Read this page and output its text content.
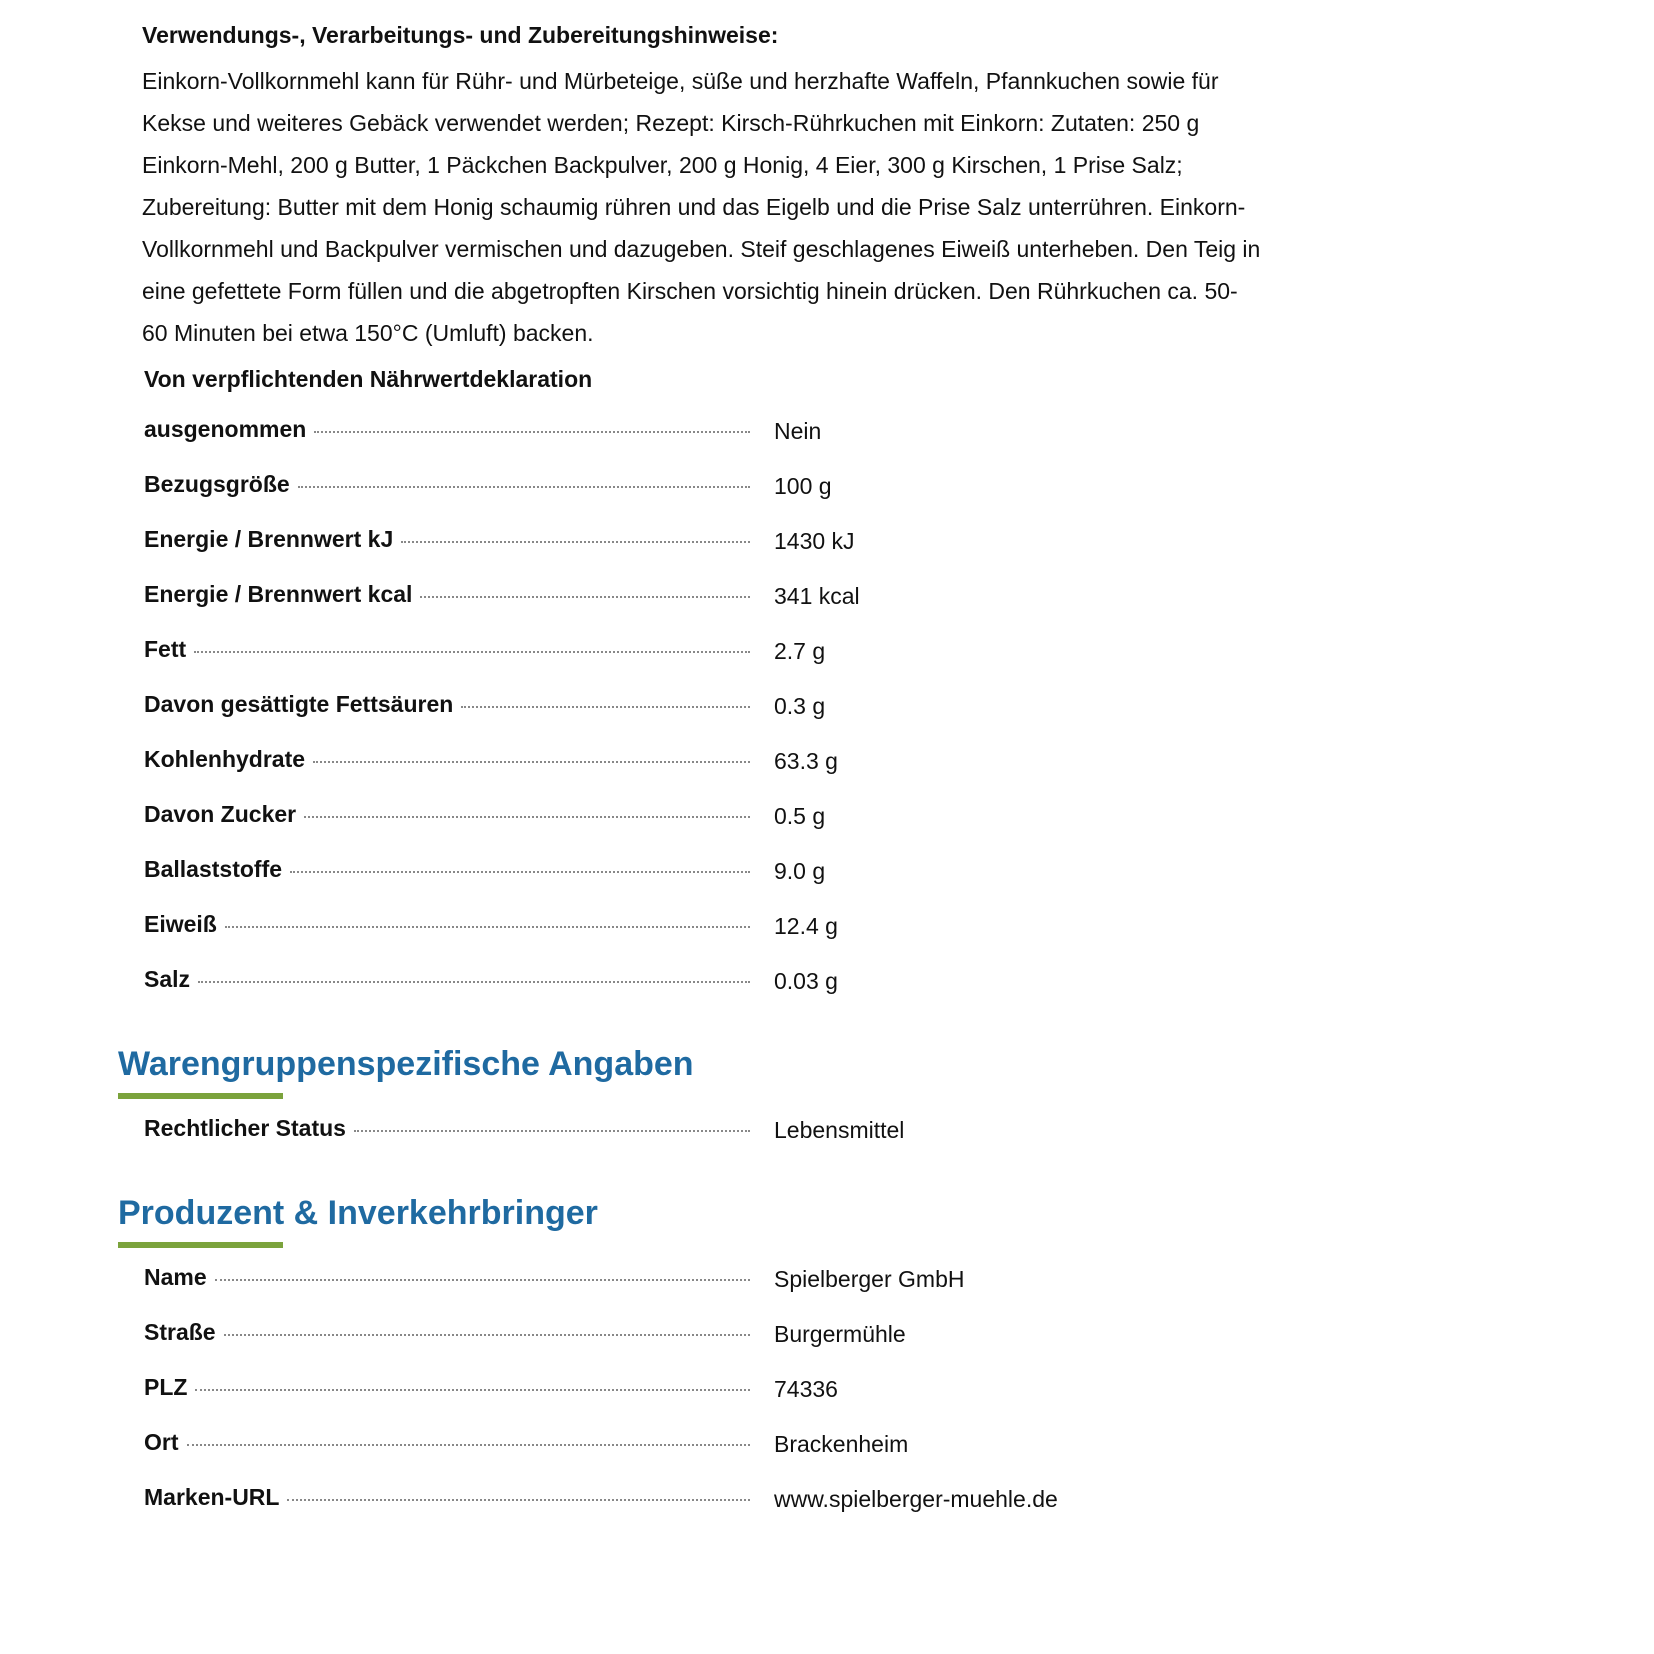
Verwendungs-, Verarbeitungs- und Zubereitungshinweise:

Einkorn-Vollkornmehl kann für Rühr- und Mürbeteige, süße und herzhafte Waffeln, Pfannkuchen sowie für
Kekse und weiteres Gebäck verwendet werden; Rezept: Kirsch-Rührkuchen mit Einkorn: Zutaten: 250 g
Einkorn-Mehl, 200 g Butter, 1 Päckchen Backpulver, 200 g Honig, 4 Eier, 300 g Kirschen, 1 Prise Salz;
Zubereitung: Butter mit dem Honig schaumig rühren und das Eigelb und die Prise Salz unterrühren. Einkorn-
Vollkornmehl und Backpulver vermischen und dazugeben. Steif geschlagenes Eiweiß unterheben. Den Teig in
eine gefettete Form füllen und die abgetropften Kirschen vorsichtig hinein drücken. Den Rührkuchen ca. 50-
60 Minuten bei etwa 150°C (Umluft) backen.

Von verpflichtenden Nährwertdeklaration
ausgenommen	Nein
Bezugsgröße	100 g
Energie / Brennwert kJ	1430 kJ
Energie / Brennwert kcal	341 kcal
Fett	2.7 g
Davon gesättigte Fettsäuren	0.3 g
Kohlenhydrate	63.3 g
Davon Zucker	0.5 g
Ballaststoffe	9.0 g
Eiweiß	12.4 g
Salz	0.03 g
Warengruppenspezifische Angaben
Rechtlicher Status	Lebensmittel
Produzent & Inverkehrbringer
Name	Spielberger GmbH
Straße	Burgermühle
PLZ	74336
Ort	Brackenheim
Marken-URL	www.spielberger-muehle.de
